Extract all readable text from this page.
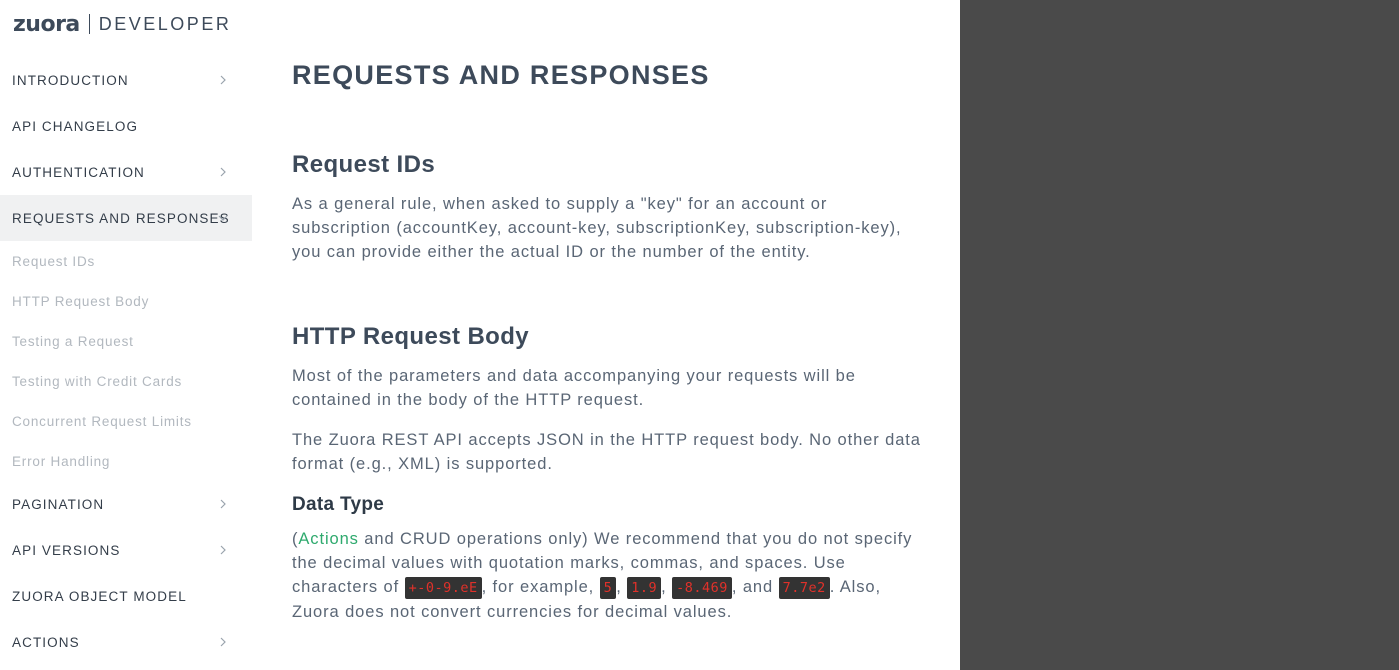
zuora DEVELOPER
INTRODUCTION
API CHANGELOG
AUTHENTICATION
REQUESTS AND RESPONSES
Request IDs
HTTP Request Body
Testing a Request
Testing with Credit Cards
Concurrent Request Limits
Error Handling
PAGINATION
API VERSIONS
ZUORA OBJECT MODEL
ACTIONS
REQUESTS AND RESPONSES
Request IDs

As a general rule, when asked to supply a "key" for an account or subscription (accountKey, account-key, subscriptionKey, subscription-key), you can provide either the actual ID or the number of the entity.

HTTP Request Body

Most of the parameters and data accompanying your requests will be contained in the body of the HTTP request.

The Zuora REST API accepts JSON in the HTTP request body. No other data format (e.g., XML) is supported.

Data Type

(Actions and CRUD operations only) We recommend that you do not specify the decimal values with quotation marks, commas, and spaces. Use characters of +-0-9.eE , for example, 5 , 1.9 , -8.469 , and 7.7e2 . Also, Zuora does not convert currencies for decimal values.
